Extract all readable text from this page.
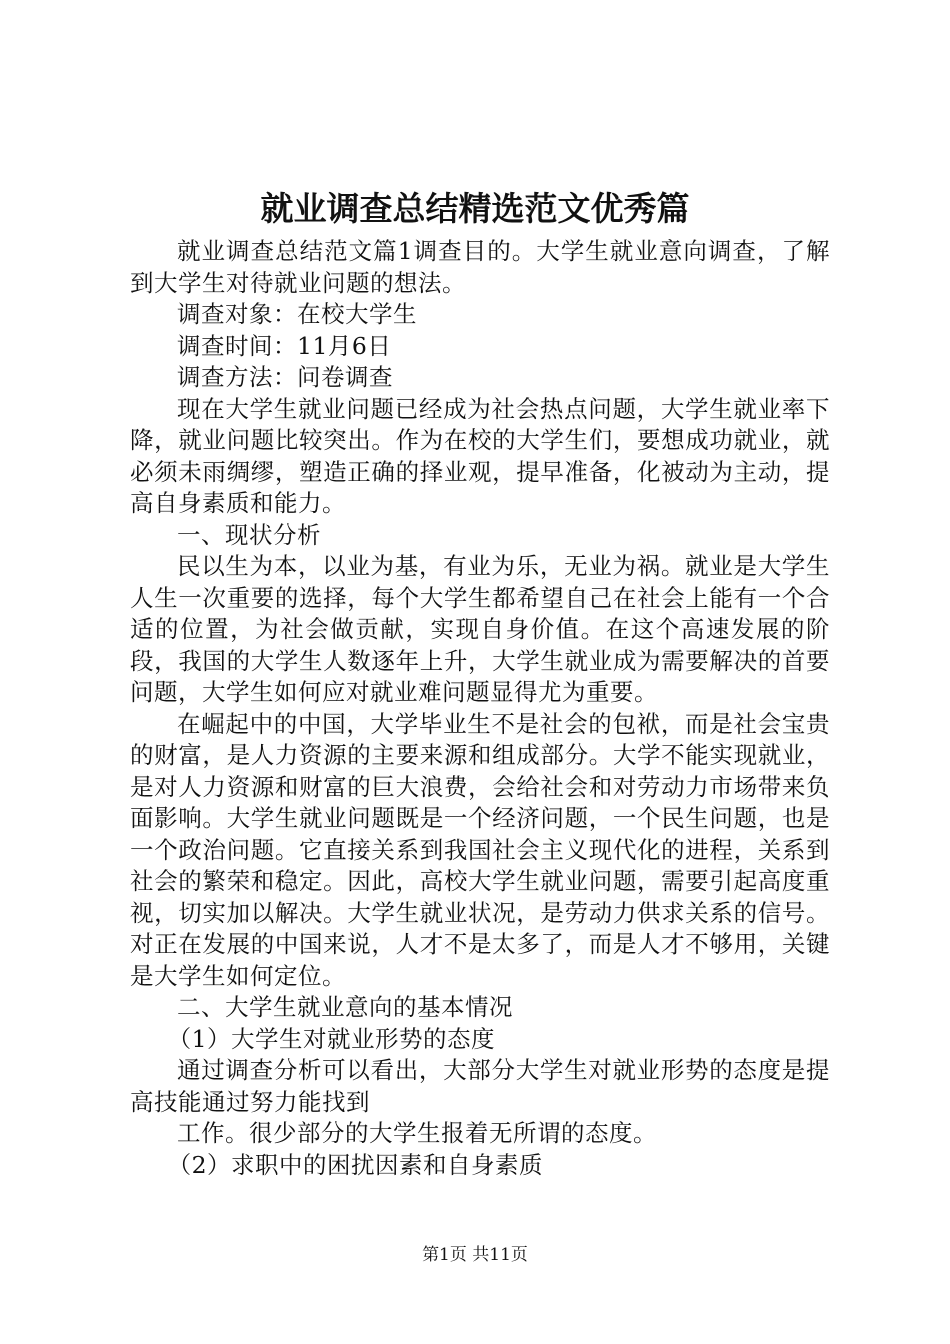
就业调查总结精选范文优秀篇

就业调查总结范文篇1调查目的。大学生就业意向调查，了解到大学生对待就业问题的想法。

调查对象：在校大学生

调查时间：11月6日

调查方法：问卷调查

现在大学生就业问题已经成为社会热点问题，大学生就业率下降，就业问题比较突出。作为在校的大学生们，要想成功就业，就必须未雨绸缪，塑造正确的择业观，提早准备，化被动为主动，提高自身素质和能力。

一、现状分析

民以生为本，以业为基，有业为乐，无业为祸。就业是大学生人生一次重要的选择，每个大学生都希望自己在社会上能有一个合适的位置，为社会做贡献，实现自身价值。在这个高速发展的阶段，我国的大学生人数逐年上升，大学生就业成为需要解决的首要问题，大学生如何应对就业难问题显得尤为重要。

在崛起中的中国，大学毕业生不是社会的包袱，而是社会宝贵的财富，是人力资源的主要来源和组成部分。大学不能实现就业，是对人力资源和财富的巨大浪费，会给社会和对劳动力市场带来负面影响。大学生就业问题既是一个经济问题，一个民生问题，也是一个政治问题。它直接关系到我国社会主义现代化的进程，关系到社会的繁荣和稳定。因此，高校大学生就业问题，需要引起高度重视，切实加以解决。大学生就业状况，是劳动力供求关系的信号。对正在发展的中国来说，人才不是太多了，而是人才不够用，关键是大学生如何定位。

二、大学生就业意向的基本情况

（1）大学生对就业形势的态度

通过调查分析可以看出，大部分大学生对就业形势的态度是提高技能通过努力能找到

工作。很少部分的大学生报着无所谓的态度。

（2）求职中的困扰因素和自身素质

第1页 共11页
